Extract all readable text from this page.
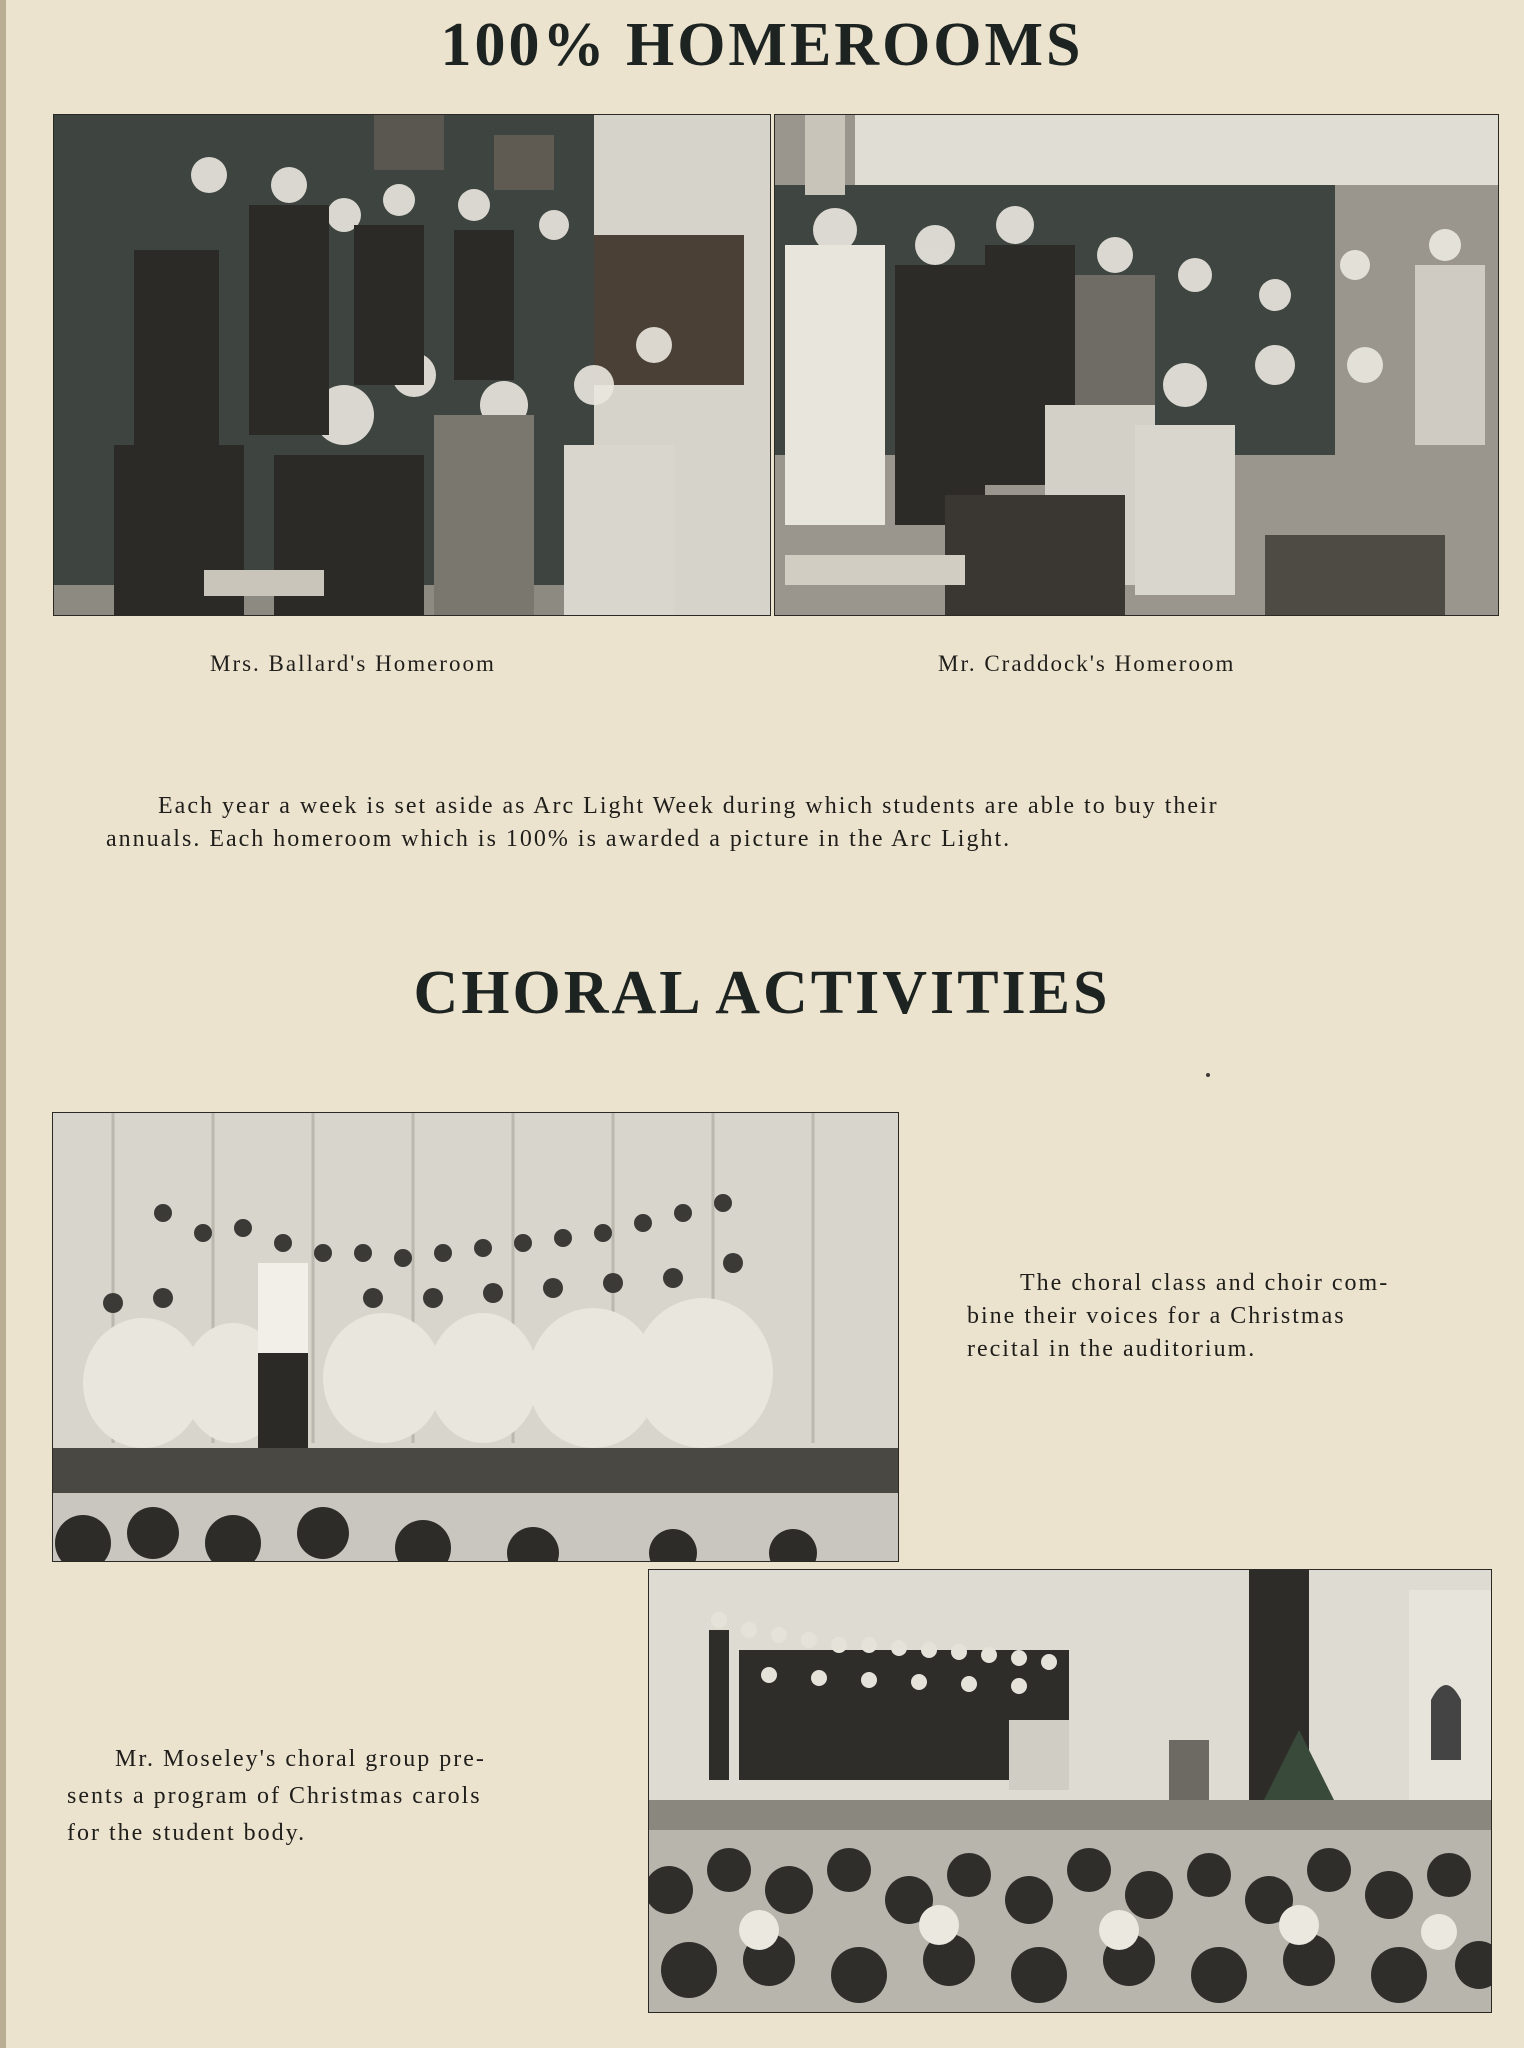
100% HOMEROOMS
Mrs. Ballard's Homeroom	Mr. Craddock's Homeroom
Each year a week is set aside as Arc Light Week during which students are able to buy their
annuals. Each homeroom which is 100% is awarded a picture in the Arc Light.
CHORAL ACTIVITIES
The choral class and choir com-
bine their voices for a Christmas
recital in the auditorium.
Mr. Moseley's choral group pre-
sents a program of Christmas carols
for the student body.
